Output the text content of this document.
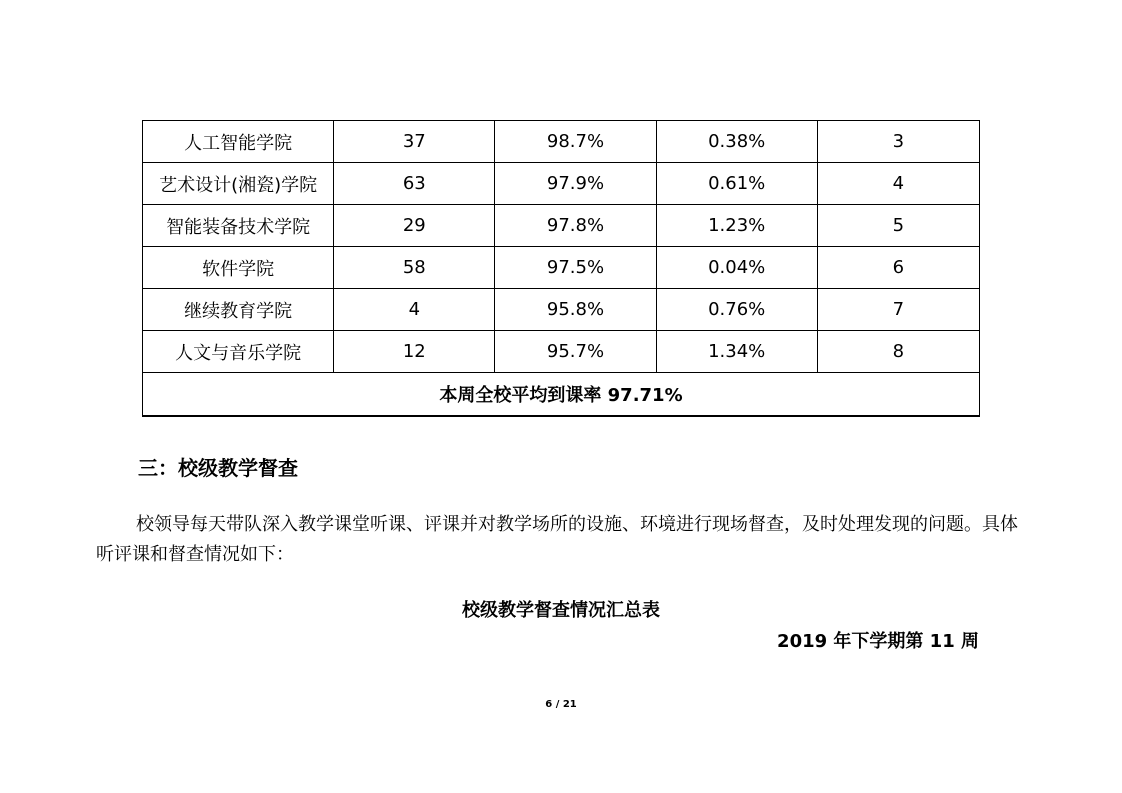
人工智能学院	37	98.7%	0.38%	3
艺术设计(湘瓷)学院	63	97.9%	0.61%	4
智能装备技术学院	29	97.8%	1.23%	5
软件学院	58	97.5%	0.04%	6
继续教育学院	4	95.8%	0.76%	7
人文与音乐学院	12	95.7%	1.34%	8
本周全校平均到课率 97.71%				
三：校级教学督查

校领导每天带队深入教学课堂听课、评课并对教学场所的设施、环境进行现场督查，及时处理发现的问题。具体听评课和督查情况如下：

校级教学督查情况汇总表
2019 年下学期第 11 周
6 / 21
